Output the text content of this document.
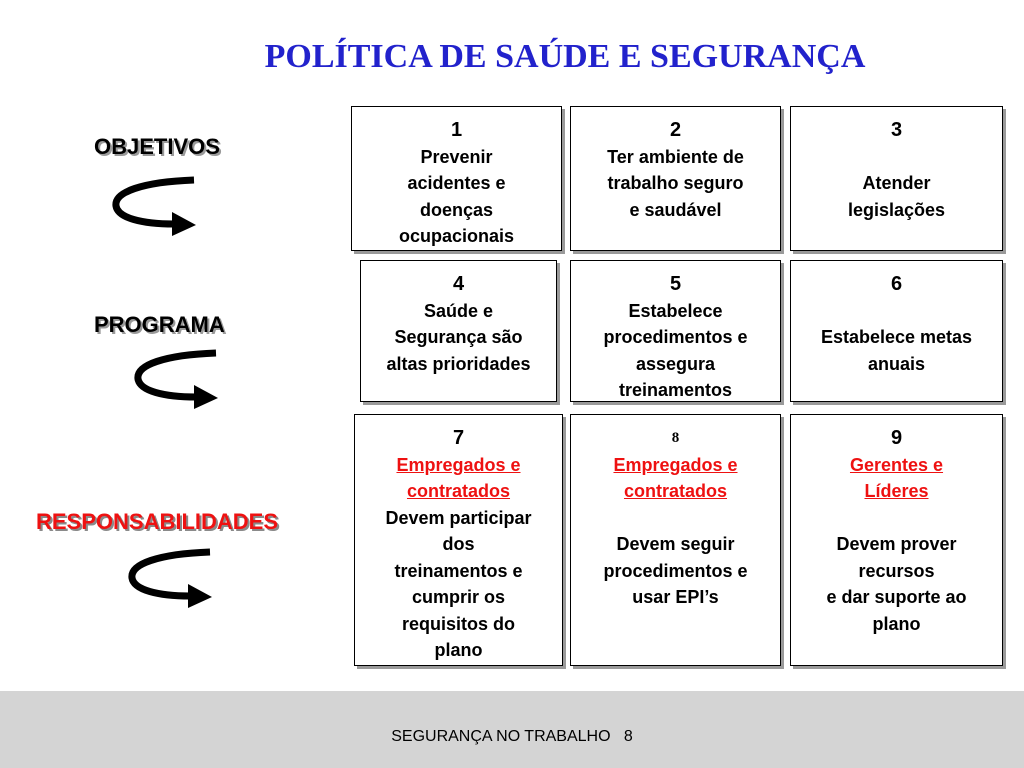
POLÍTICA DE SAÚDE E SEGURANÇA
OBJETIVOS
PROGRAMA
RESPONSABILIDADES
1
Prevenir
acidentes e
doenças
ocupacionais
2
Ter ambiente de
trabalho seguro
e saudável
3
Atender
legislações
4
Saúde e
Segurança são
altas prioridades
5
Estabelece
procedimentos e
assegura
treinamentos
6
Estabelece metas
anuais
7
Empregados e
contratados
Devem participar
dos
treinamentos e
cumprir os
requisitos do
plano
8
Empregados e
contratados
Devem seguir
procedimentos e
usar EPI’s
9
Gerentes e
Líderes
Devem prover
recursos
e dar suporte ao
plano
SEGURANÇA NO TRABALHO 8
